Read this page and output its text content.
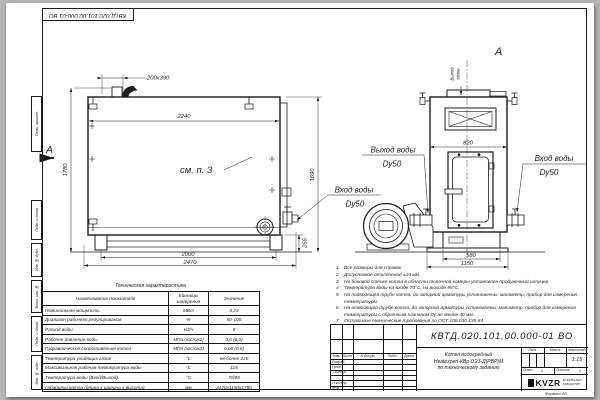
200х390
2240
1780	1690
255
2000
2470
см. п. 3
А
А
Выход газов
820
580
1150
Выход воды
Dу50
Вход воды
Dу50
Вход воды
Dу50
КВТД.020.101.00.000-01 ВО
Перв. примен.
Подп. и дата
Инв. № дубл.
Взам. инв. №
Подп. и дата
Инв. № подл.
Техническая характеристика
Наименование показателя	Единицы измерения	Значение
Номинальная мощность	МВт	0,23
Диапазон рабочего регулирования	%	50-100
Расход воды	м3/ч	8
Рабочее давление воды	МПа (кгс/см2)	0,6 (6,0)
Гидравлическое сопротивление котла	МПа (кгс/см2)	0,06 (0,6)
Температура уходящих газов	°С	не более 220
Максимальная рабочая температура воды	°С	115
Температура воды (Вход/Выход)	°С	70/95
Габариты котла (длина х ширина х высота)	мм	2470х1150х1780
1	Все размеры для справок
2	Допустимое отклонение ±10 мм.
3	На боковой стенке котла в области топочной камеры установлен продувочный штуцер.
4	Температура воды на входе 70°С, на выходе 95°С.
5	На подводящей трубе котла, до запорной арматуры установлены: манометр, прибор для измерения температуры
6	На отводящей трубе котла, до запорной арматуры установлены: манометр, прибор для измерения температуры с обратным клапаном Dу не менее 40 мм.
7	Остальные технические требования по ОСТ 108.030.135-84
Изм. Лист	N докум.	Подп.	Дата
Разраб.
Пров.
Т.контр.
Н.контр.
Утв.
КВТД.020.101.00.000-01 ВО
Котел водогрейный
Heatexpert-КВр-0,23-Д(РВР)М
по техническому заданию
Лит.	Масса	Масштаб
1:15
Лист	1	Листов	2
KVZR КОТЕЛЬНЫЙ
ЗАВОД РЭП
Формат А3
